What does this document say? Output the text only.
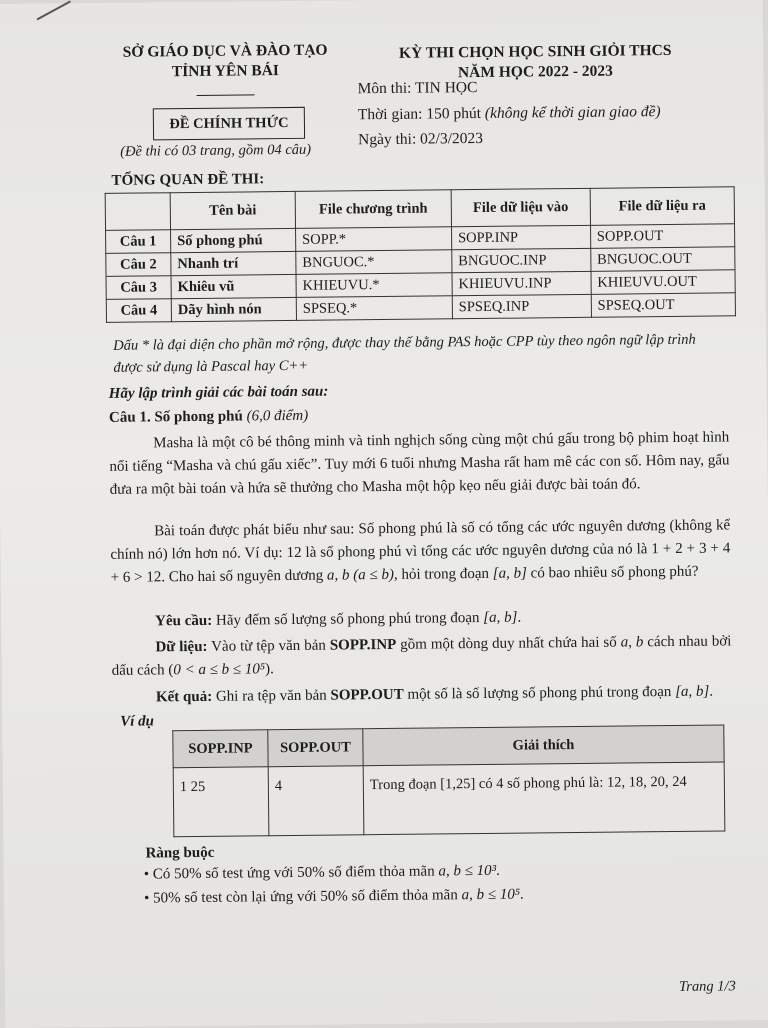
SỞ GIÁO DỤC VÀ ĐÀO TẠO
TỈNH YÊN BÁI
KỲ THI CHỌN HỌC SINH GIỎI THCS
NĂM HỌC 2022 - 2023
ĐỀ CHÍNH THỨC
(Đề thi có 03 trang, gồm 04 câu)
Môn thi: TIN HỌC
Thời gian: 150 phút (không kể thời gian giao đề)
Ngày thi: 02/3/2023
TỔNG QUAN ĐỀ THI:
	Tên bài	File chương trình	File dữ liệu vào	File dữ liệu ra
Câu 1	Số phong phú	SOPP.*	SOPP.INP	SOPP.OUT
Câu 2	Nhanh trí	BNGUOC.*	BNGUOC.INP	BNGUOC.OUT
Câu 3	Khiêu vũ	KHIEUVU.*	KHIEUVU.INP	KHIEUVU.OUT
Câu 4	Dãy hình nón	SPSEQ.*	SPSEQ.INP	SPSEQ.OUT
Dấu * là đại diện cho phần mở rộng, được thay thế bằng PAS hoặc CPP tùy theo ngôn ngữ lập trình được sử dụng là Pascal hay C++
Hãy lập trình giải các bài toán sau:
Câu 1. Số phong phú (6,0 điểm)
Masha là một cô bé thông minh và tinh nghịch sống cùng một chú gấu trong bộ phim hoạt hình nổi tiếng “Masha và chú gấu xiếc”. Tuy mới 6 tuổi nhưng Masha rất ham mê các con số. Hôm nay, gấu đưa ra một bài toán và hứa sẽ thưởng cho Masha một hộp kẹo nếu giải được bài toán đó.
Bài toán được phát biểu như sau: Số phong phú là số có tổng các ước nguyên dương (không kể chính nó) lớn hơn nó. Ví dụ: 12 là số phong phú vì tổng các ước nguyên dương của nó là 1 + 2 + 3 + 4 + 6 > 12. Cho hai số nguyên dương a, b (a ≤ b), hỏi trong đoạn [a, b] có bao nhiêu số phong phú?
Yêu cầu: Hãy đếm số lượng số phong phú trong đoạn [a, b].
Dữ liệu: Vào từ tệp văn bản SOPP.INP gồm một dòng duy nhất chứa hai số a, b cách nhau bởi dấu cách (0 < a ≤ b ≤ 10⁵).
Kết quả: Ghi ra tệp văn bản SOPP.OUT một số là số lượng số phong phú trong đoạn [a, b].
Ví dụ
SOPP.INP	SOPP.OUT	Giải thích
1 25	4	Trong đoạn [1,25] có 4 số phong phú là: 12, 18, 20, 24
Ràng buộc
• Có 50% số test ứng với 50% số điểm thỏa mãn a, b ≤ 10³.
• 50% số test còn lại ứng với 50% số điểm thỏa mãn a, b ≤ 10⁵.
Trang 1/3
